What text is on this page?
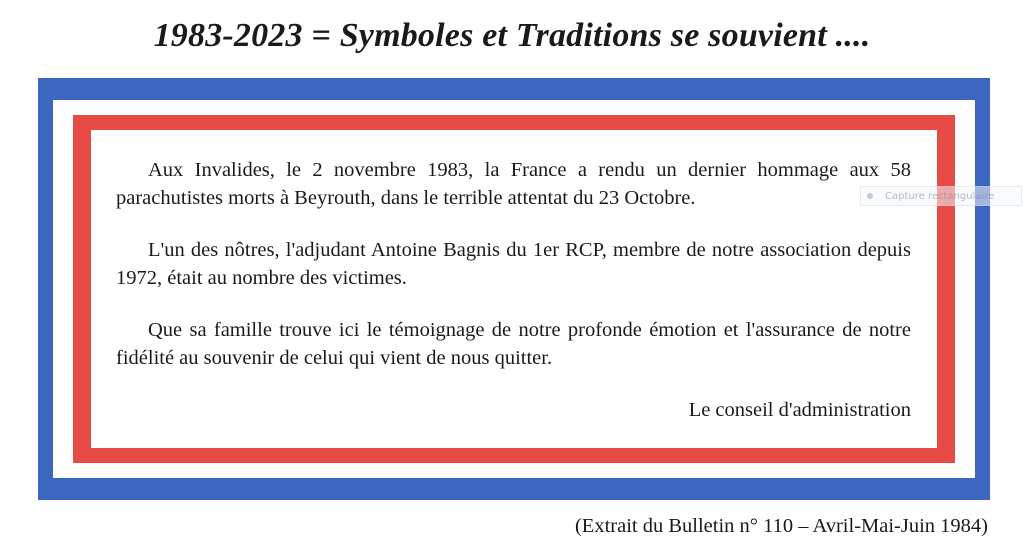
1983-2023 = Symboles et Traditions se souvient ....

Aux Invalides, le 2 novembre 1983, la France a rendu un dernier hommage aux 58 parachutistes morts à Beyrouth, dans le terrible attentat du 23 Octobre.

L'un des nôtres, l'adjudant Antoine Bagnis du 1er RCP, membre de notre association depuis 1972, était au nombre des victimes.

Que sa famille trouve ici le témoignage de notre profonde émotion et l'assurance de notre fidélité au souvenir de celui qui vient de nous quitter.

Le conseil d'administration

(Extrait du Bulletin n° 110 – Avril-Mai-Juin 1984)

Capture rectangulaire
